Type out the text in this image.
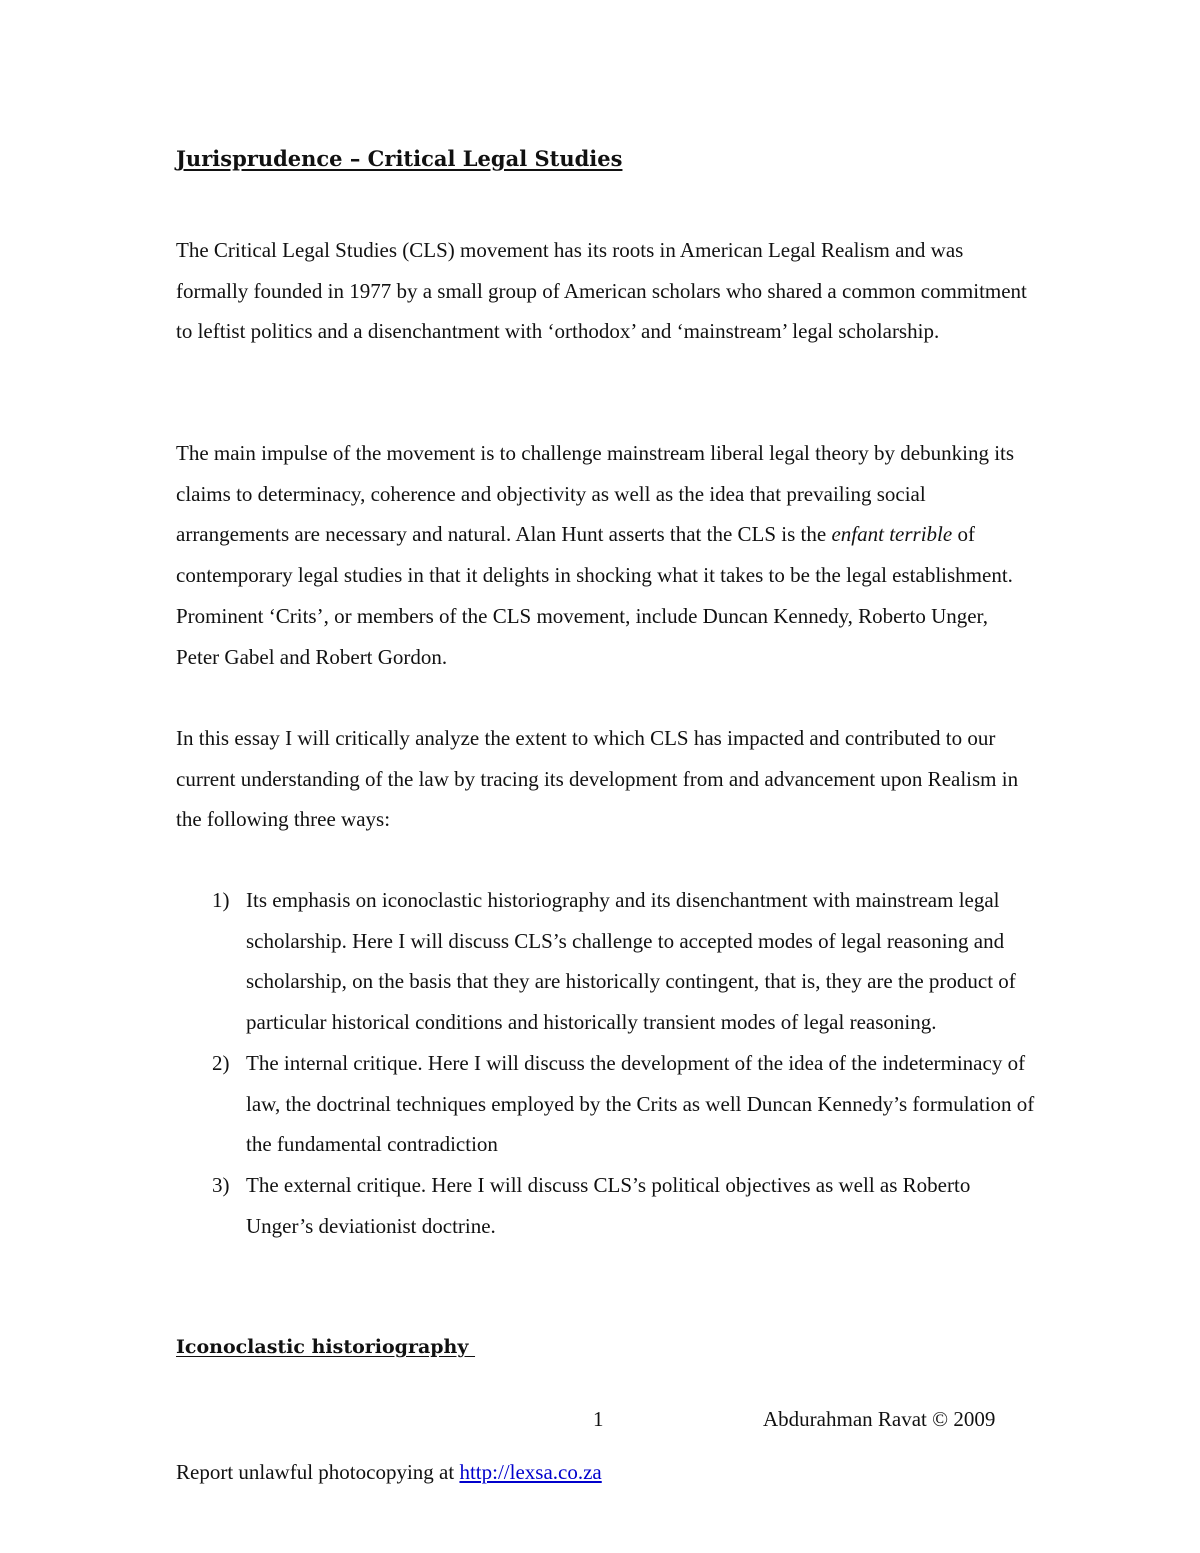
Jurisprudence – Critical Legal Studies

The Critical Legal Studies (CLS) movement has its roots in American Legal Realism and was formally founded in 1977 by a small group of American scholars who shared a common commitment to leftist politics and a disenchantment with ‘orthodox’ and ‘mainstream’ legal scholarship.

The main impulse of the movement is to challenge mainstream liberal legal theory by debunking its claims to determinacy, coherence and objectivity as well as the idea that prevailing social arrangements are necessary and natural. Alan Hunt asserts that the CLS is the enfant terrible of contemporary legal studies in that it delights in shocking what it takes to be the legal establishment. Prominent ‘Crits’, or members of the CLS movement, include Duncan Kennedy, Roberto Unger, Peter Gabel and Robert Gordon.

In this essay I will critically analyze the extent to which CLS has impacted and contributed to our current understanding of the law by tracing its development from and advancement upon Realism in the following three ways:

1) Its emphasis on iconoclastic historiography and its disenchantment with mainstream legal scholarship. Here I will discuss CLS’s challenge to accepted modes of legal reasoning and scholarship, on the basis that they are historically contingent, that is, they are the product of particular historical conditions and historically transient modes of legal reasoning.
2) The internal critique. Here I will discuss the development of the idea of the indeterminacy of law, the doctrinal techniques employed by the Crits as well Duncan Kennedy’s formulation of the fundamental contradiction
3) The external critique. Here I will discuss CLS’s political objectives as well as Roberto Unger’s deviationist doctrine.
Iconoclastic historiography
1	Abdurahman Ravat © 2009
Report unlawful photocopying at http://lexsa.co.za
